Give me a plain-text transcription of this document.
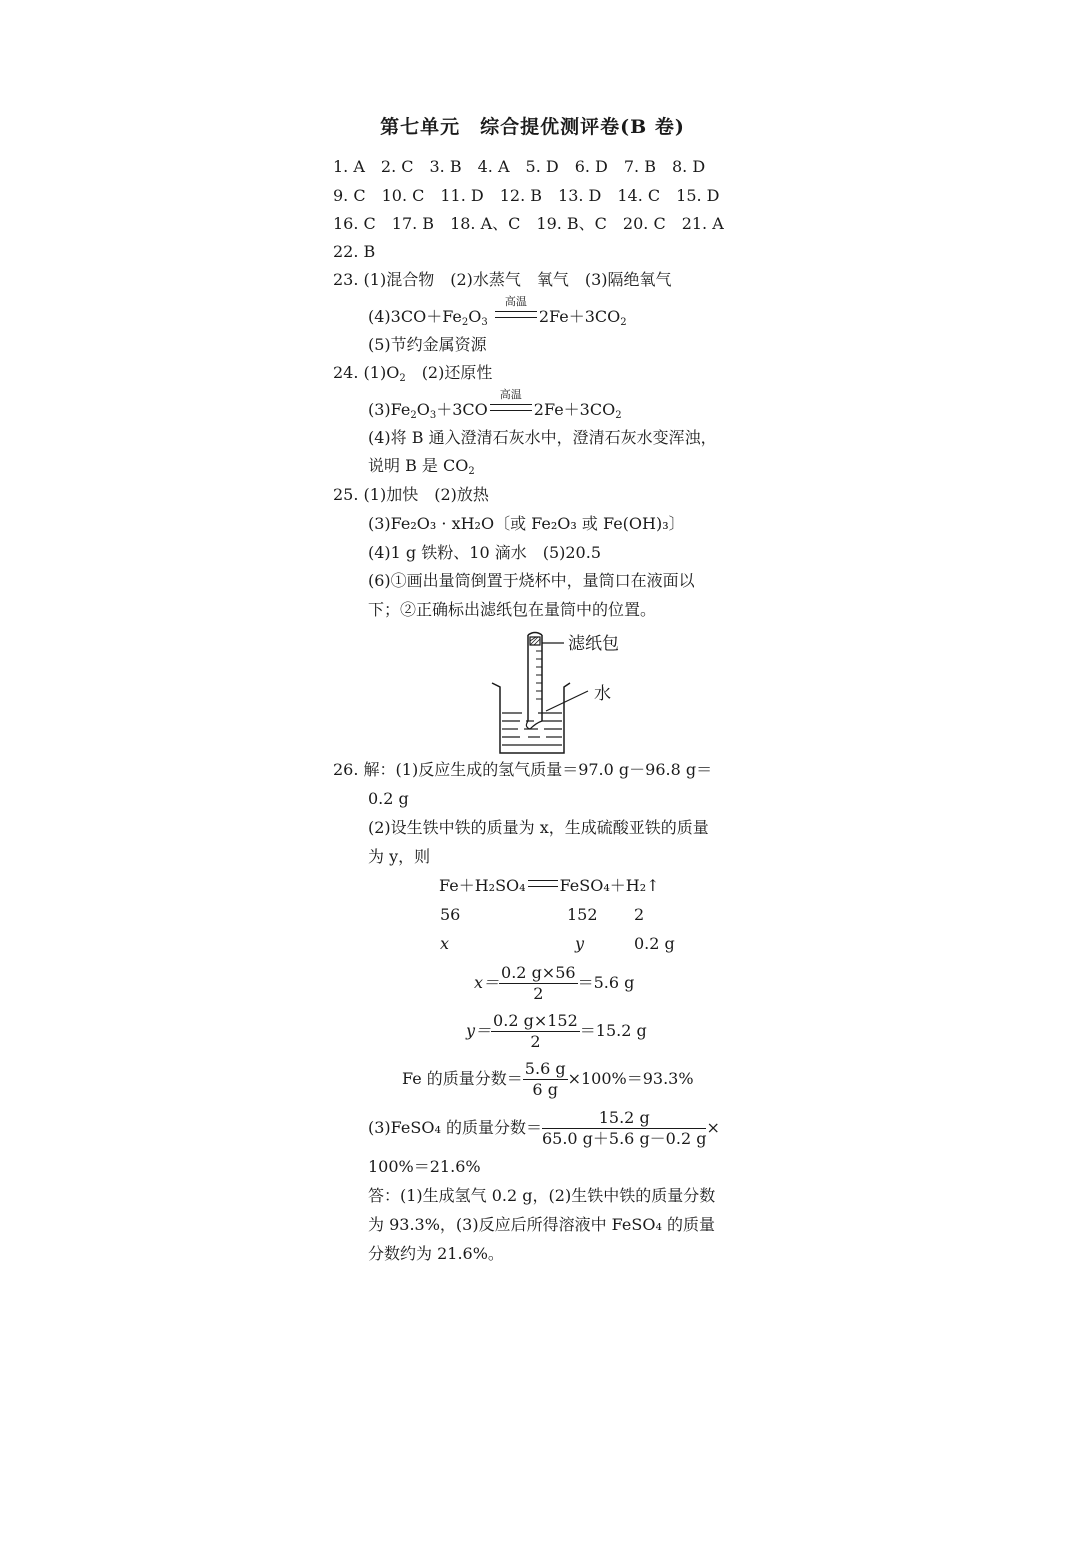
第七单元　综合提优测评卷(B 卷)
1. A　2. C　3. B　4. A　5. D　6. D　7. B　8. D
9. C　10. C　11. D　12. B　13. D　14. C　15. D
16. C　17. B　18. A、C　19. B、C　20. C　21. A
22. B
23. (1)混合物　(2)水蒸气　氧气　(3)隔绝氧气
$(4)3CO+Fe_2O_3$
高温
$2Fe+3CO_2$
(5)节约金属资源
24. $(1)O_2$　(2)还原性
$(3)Fe_2O_3+3CO$
高温
$2Fe+3CO_2$
(4)将 B 通入澄清石灰水中，澄清石灰水变浑浊，
说明 B 是 $CO_2$
25. (1)加快　(2)放热
(3)Fe₂O₃ · xH₂O〔或 Fe₂O₃ 或 Fe(OH)₃〕
(4)1 g 铁粉、10 滴水　(5)20.5
(6)①画出量筒倒置于烧杯中，量筒口在液面以
下；②正确标出滤纸包在量筒中的位置。
滤纸包
水
26. 解：(1)反应生成的氢气质量＝97.0 g－96.8 g＝
0.2 g
(2)设生铁中铁的质量为 x，生成硫酸亚铁的质量
为 y，则
Fe＋H₂SO₄ FeSO₄＋H₂↑
56	152 2
x	y	0.2 g
$x= \frac{0.2 g\times 56}{2} =5.6$ g
$y= \frac{0.2 g\times 152}{2} =15.2$ g
Fe 的质量分数＝ $\frac{5.6 g}{6 g} \times 100\%=93.3\%$
(3)FeSO₄ 的质量分数＝ $\frac{15.2 g}{65.0 g+5.6 g-0.2 g}$ ×
100%＝21.6%
答：(1)生成氢气 0.2 g，(2)生铁中铁的质量分数
为 93.3%，(3)反应后所得溶液中 FeSO₄ 的质量
分数约为 21.6%。
